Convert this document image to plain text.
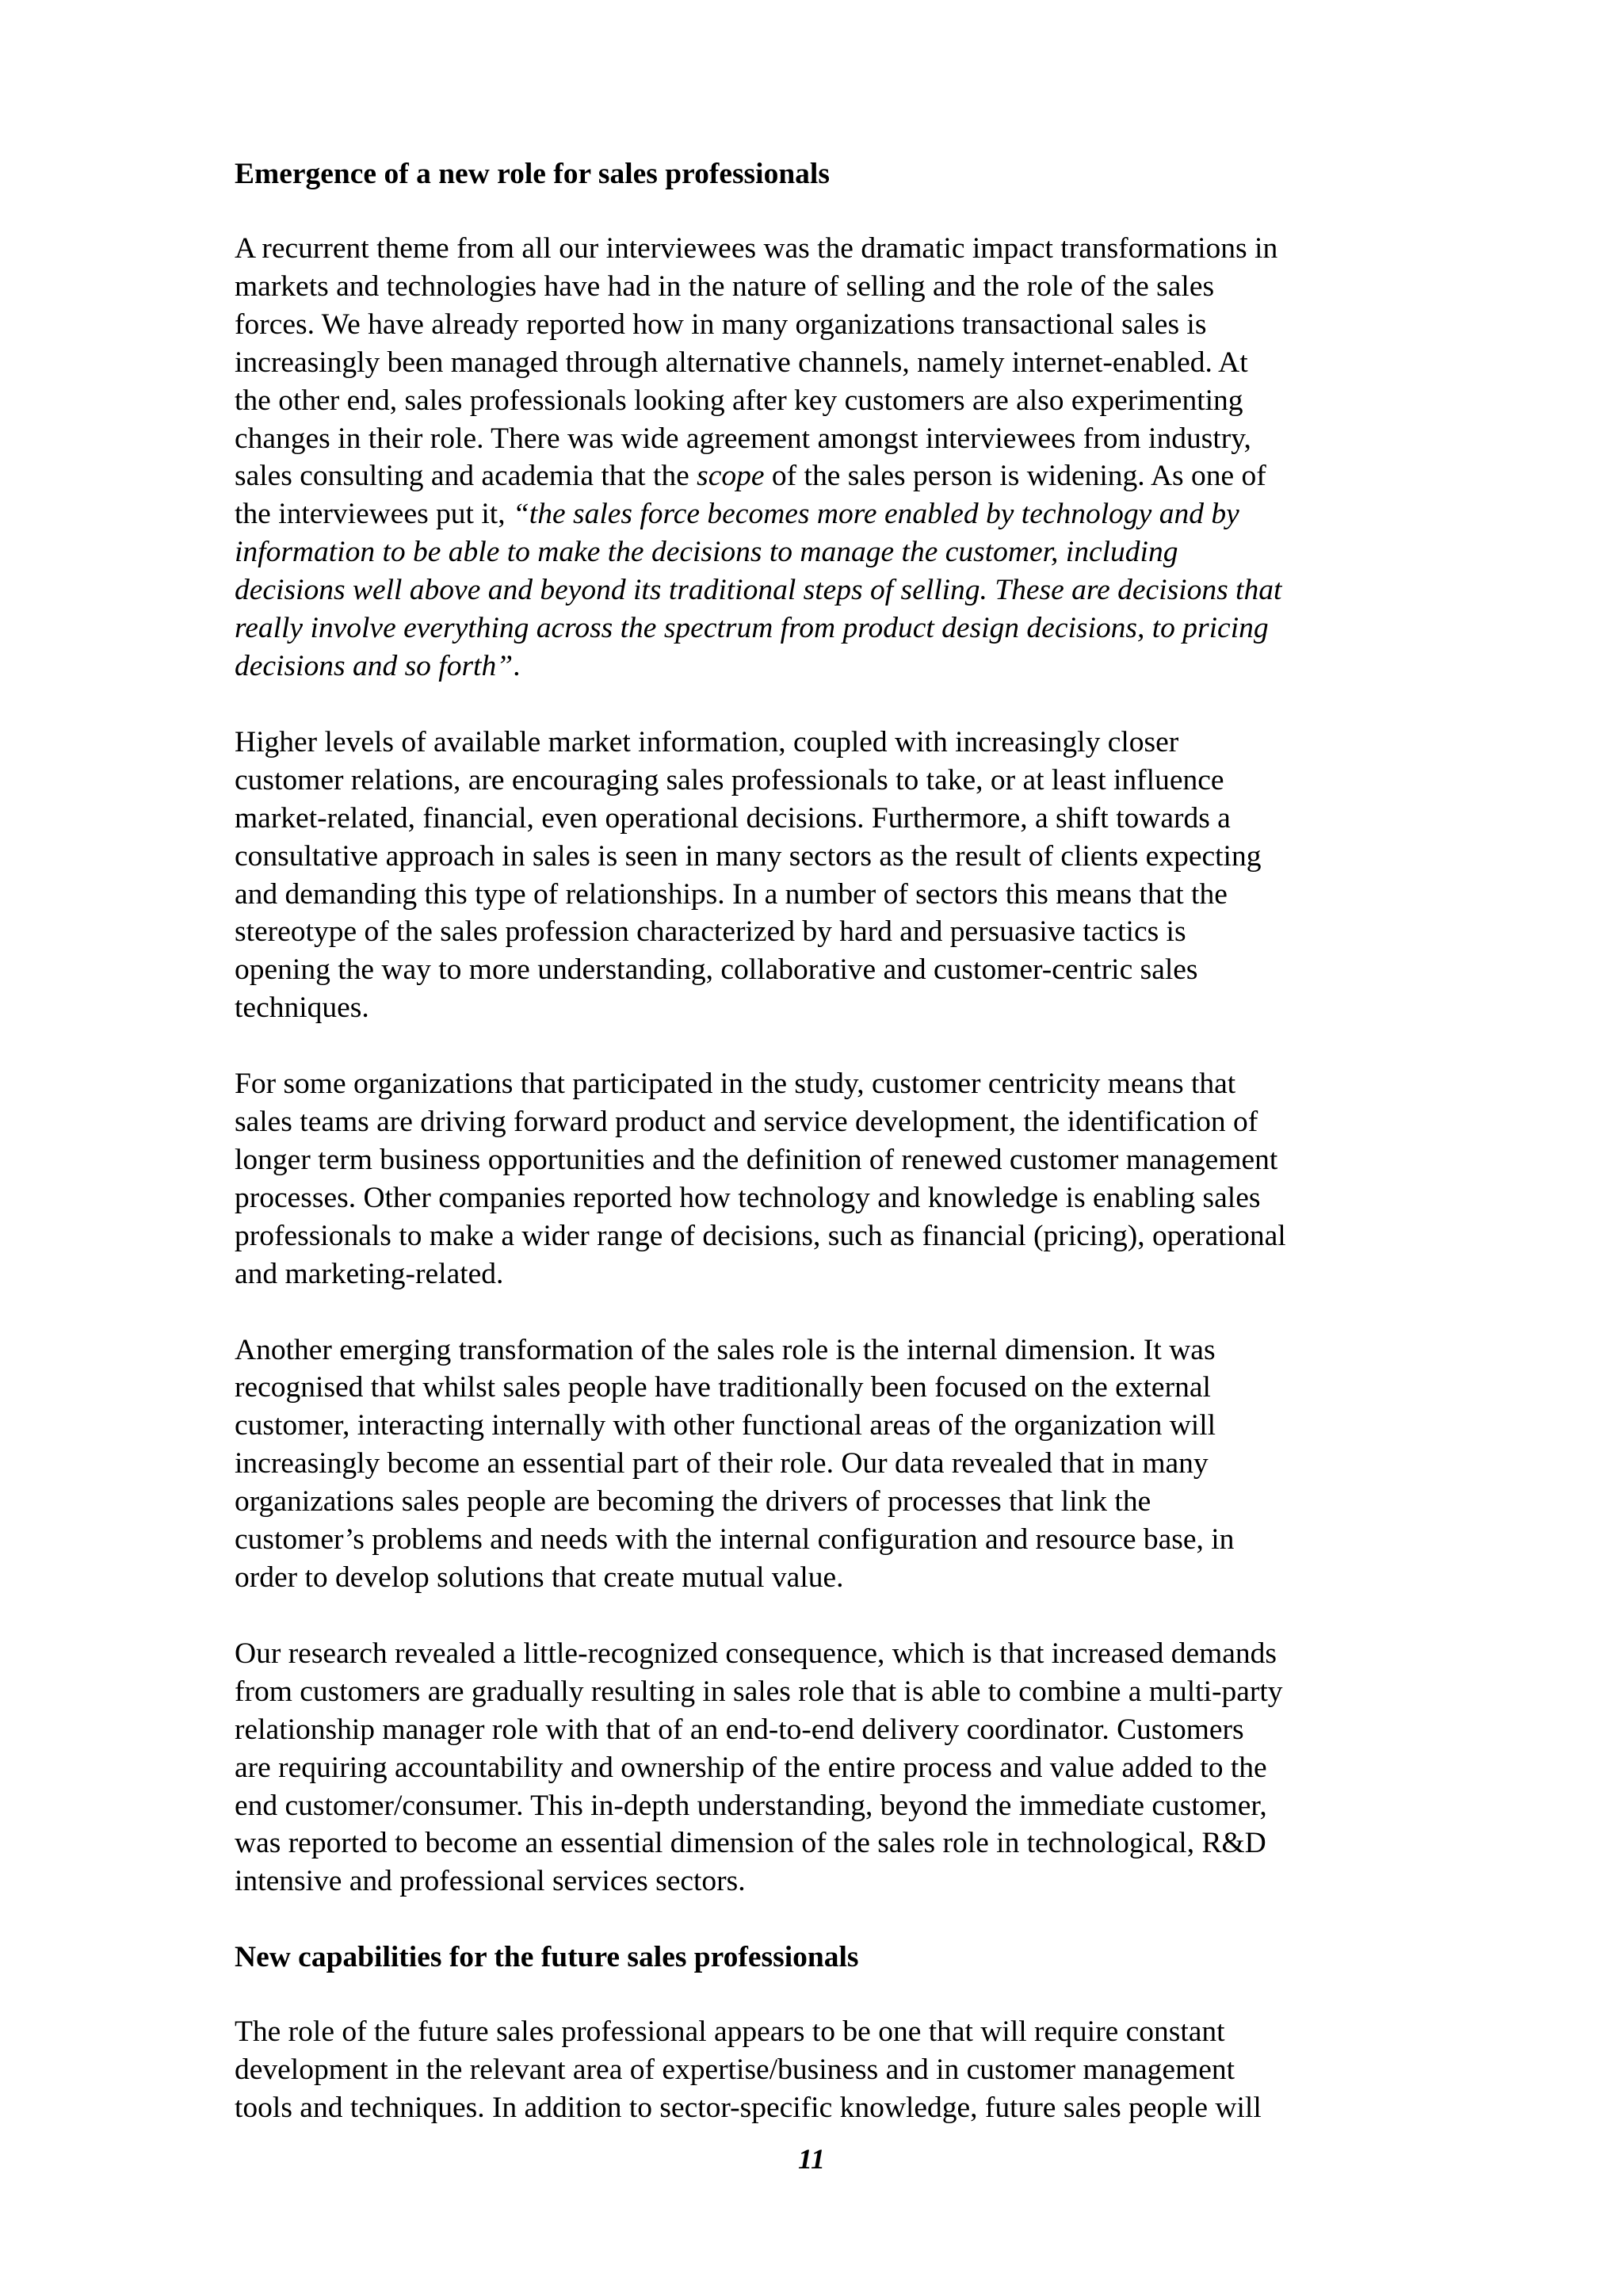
Emergence of a new role for sales professionals
A recurrent theme from all our interviewees was the dramatic impact transformations in
markets and technologies have had in the nature of selling and the role of the sales
forces. We have already reported how in many organizations transactional sales is
increasingly been managed through alternative channels, namely internet-enabled. At
the other end, sales professionals looking after key customers are also experimenting
changes in their role. There was wide agreement amongst interviewees from industry,
sales consulting and academia that the scope of the sales person is widening. As one of
the interviewees put it, “the sales force becomes more enabled by technology and by
information to be able to make the decisions to manage the customer, including
decisions well above and beyond its traditional steps of selling. These are decisions that
really involve everything across the spectrum from product design decisions, to pricing
decisions and so forth”.
Higher levels of available market information, coupled with increasingly closer
customer relations, are encouraging sales professionals to take, or at least influence
market-related, financial, even operational decisions. Furthermore, a shift towards a
consultative approach in sales is seen in many sectors as the result of clients expecting
and demanding this type of relationships. In a number of sectors this means that the
stereotype of the sales profession characterized by hard and persuasive tactics is
opening the way to more understanding, collaborative and customer-centric sales
techniques.
For some organizations that participated in the study, customer centricity means that
sales teams are driving forward product and service development, the identification of
longer term business opportunities and the definition of renewed customer management
processes. Other companies reported how technology and knowledge is enabling sales
professionals to make a wider range of decisions, such as financial (pricing), operational
and marketing-related.
Another emerging transformation of the sales role is the internal dimension. It was
recognised that whilst sales people have traditionally been focused on the external
customer, interacting internally with other functional areas of the organization will
increasingly become an essential part of their role. Our data revealed that in many
organizations sales people are becoming the drivers of processes that link the
customer’s problems and needs with the internal configuration and resource base, in
order to develop solutions that create mutual value.
Our research revealed a little-recognized consequence, which is that increased demands
from customers are gradually resulting in sales role that is able to combine a multi-party
relationship manager role with that of an end-to-end delivery coordinator. Customers
are requiring accountability and ownership of the entire process and value added to the
end customer/consumer. This in-depth understanding, beyond the immediate customer,
was reported to become an essential dimension of the sales role in technological, R&D
intensive and professional services sectors.
New capabilities for the future sales professionals
The role of the future sales professional appears to be one that will require constant
development in the relevant area of expertise/business and in customer management
tools and techniques. In addition to sector-specific knowledge, future sales people will
11
